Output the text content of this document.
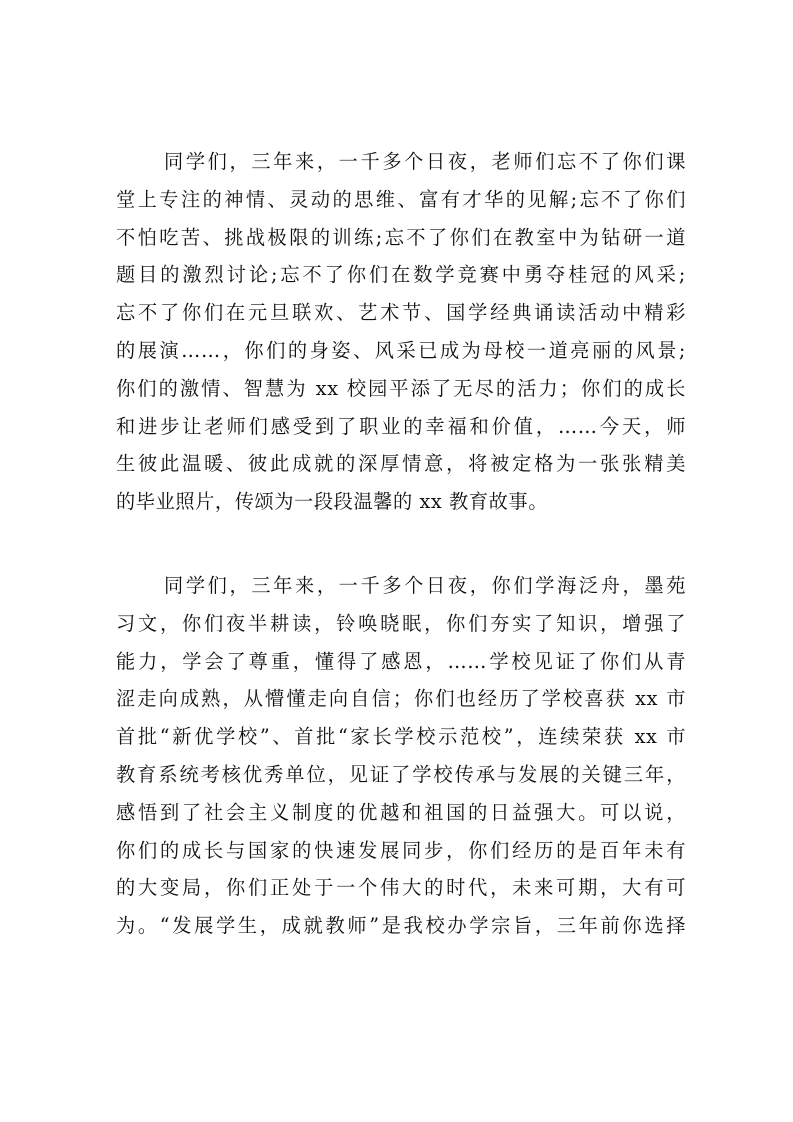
同学们，三年来，一千多个日夜，老师们忘不了你们课
堂上专注的神情、灵动的思维、富有才华的见解;忘不了你们
不怕吃苦、挑战极限的训练;忘不了你们在教室中为钻研一道
题目的激烈讨论;忘不了你们在数学竞赛中勇夺桂冠的风采;
忘不了你们在元旦联欢、艺术节、国学经典诵读活动中精彩
的展演……，你们的身姿、风采已成为母校一道亮丽的风景;
你们的激情、智慧为 xx 校园平添了无尽的活力；你们的成长
和进步让老师们感受到了职业的幸福和价值，……今天，师
生彼此温暖、彼此成就的深厚情意，将被定格为一张张精美
的毕业照片，传颂为一段段温馨的 xx 教育故事。

同学们，三年来，一千多个日夜，你们学海泛舟，墨苑
习文，你们夜半耕读，铃唤晓眠，你们夯实了知识，增强了
能力，学会了尊重，懂得了感恩，……学校见证了你们从青
涩走向成熟，从懵懂走向自信；你们也经历了学校喜获 xx 市
首批“新优学校”、首批“家长学校示范校”，连续荣获 xx 市
教育系统考核优秀单位，见证了学校传承与发展的关键三年，
感悟到了社会主义制度的优越和祖国的日益强大。可以说，
你们的成长与国家的快速发展同步，你们经历的是百年未有
的大变局，你们正处于一个伟大的时代，未来可期，大有可
为。“发展学生，成就教师”是我校办学宗旨，三年前你选择
